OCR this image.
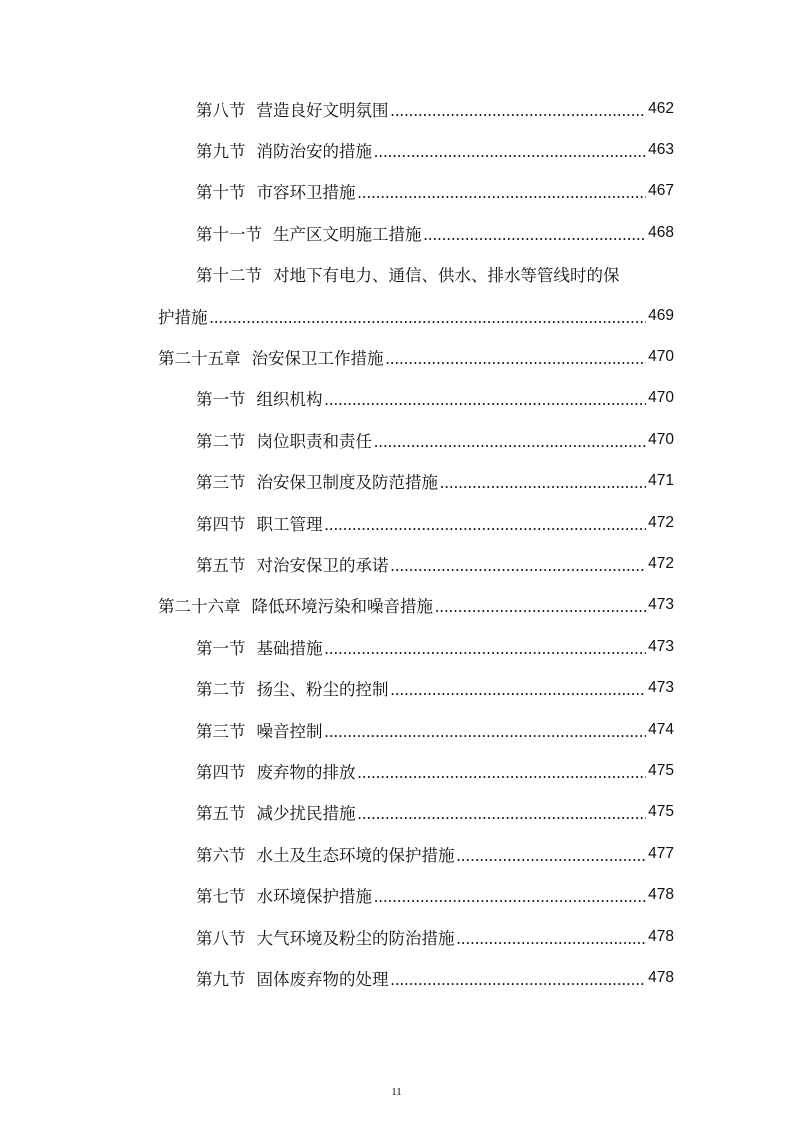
第八节 营造良好文明氛围 .....	462
第九节 消防治安的措施 .....	463
第十节 市容环卫措施 .....	467
第十一节 生产区文明施工措施 .....	468
第十二节 对地下有电力、通信、供水、排水等管线时的保
护措施 .....	469
第二十五章 治安保卫工作措施 .....	470
第一节 组织机构 .....	470
第二节 岗位职责和责任 .....	470
第三节 治安保卫制度及防范措施 .....	471
第四节 职工管理 .....	472
第五节 对治安保卫的承诺 .....	472
第二十六章 降低环境污染和噪音措施 .....	473
第一节 基础措施 .....	473
第二节 扬尘、粉尘的控制 .....	473
第三节 噪音控制 .....	474
第四节 废弃物的排放 .....	475
第五节 减少扰民措施 .....	475
第六节 水土及生态环境的保护措施 .....	477
第七节 水环境保护措施 .....	478
第八节 大气环境及粉尘的防治措施 .....	478
第九节 固体废弃物的处理 .....	478
11
